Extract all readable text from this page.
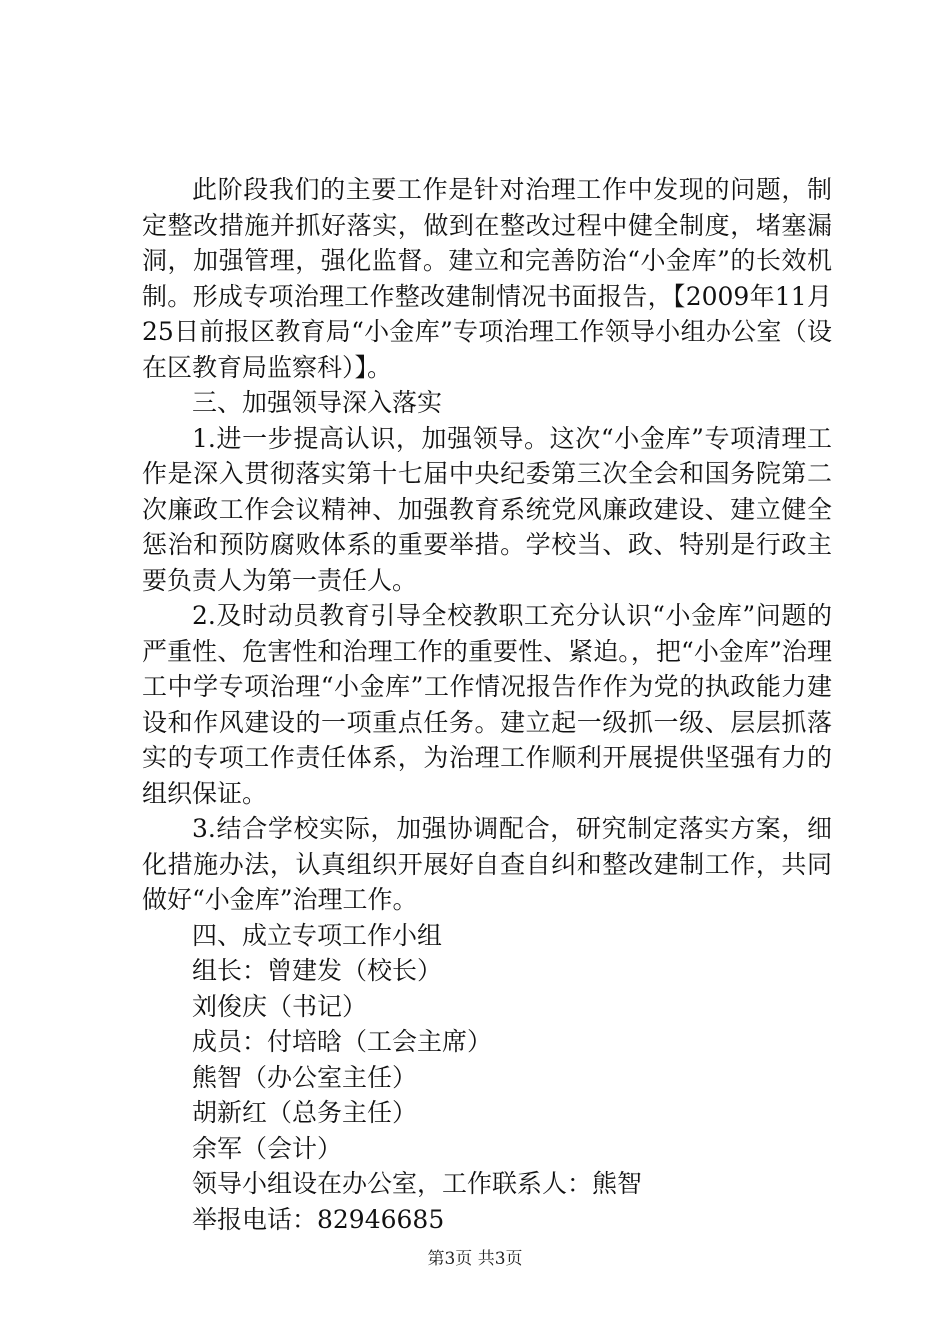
此阶段我们的主要工作是针对治理工作中发现的问题，制定整改措施并抓好落实，做到在整改过程中健全制度，堵塞漏洞，加强管理，强化监督。建立和完善防治“小金库”的长效机制。形成专项治理工作整改建制情况书面报告，【2009年11月25日前报区教育局“小金库”专项治理工作领导小组办公室（设在区教育局监察科）】。

三、加强领导深入落实

1.进一步提高认识，加强领导。这次“小金库”专项清理工作是深入贯彻落实第十七届中央纪委第三次全会和国务院第二次廉政工作会议精神、加强教育系统党风廉政建设、建立健全惩治和预防腐败体系的重要举措。学校当、政、特别是行政主要负责人为第一责任人。

2.及时动员教育引导全校教职工充分认识“小金库”问题的严重性、危害性和治理工作的重要性、紧迫。，把“小金库”治理工中学专项治理“小金库”工作情况报告作作为党的执政能力建设和作风建设的一项重点任务。建立起一级抓一级、层层抓落实的专项工作责任体系，为治理工作顺利开展提供坚强有力的组织保证。

3.结合学校实际，加强协调配合，研究制定落实方案，细化措施办法，认真组织开展好自查自纠和整改建制工作，共同做好“小金库”治理工作。

四、成立专项工作小组

组长：曾建发（校长）

刘俊庆（书记）

成员：付培晗（工会主席）

熊智（办公室主任）

胡新红（总务主任）

余军（会计）

领导小组设在办公室，工作联系人：熊智

举报电话：82946685

第3页 共3页
